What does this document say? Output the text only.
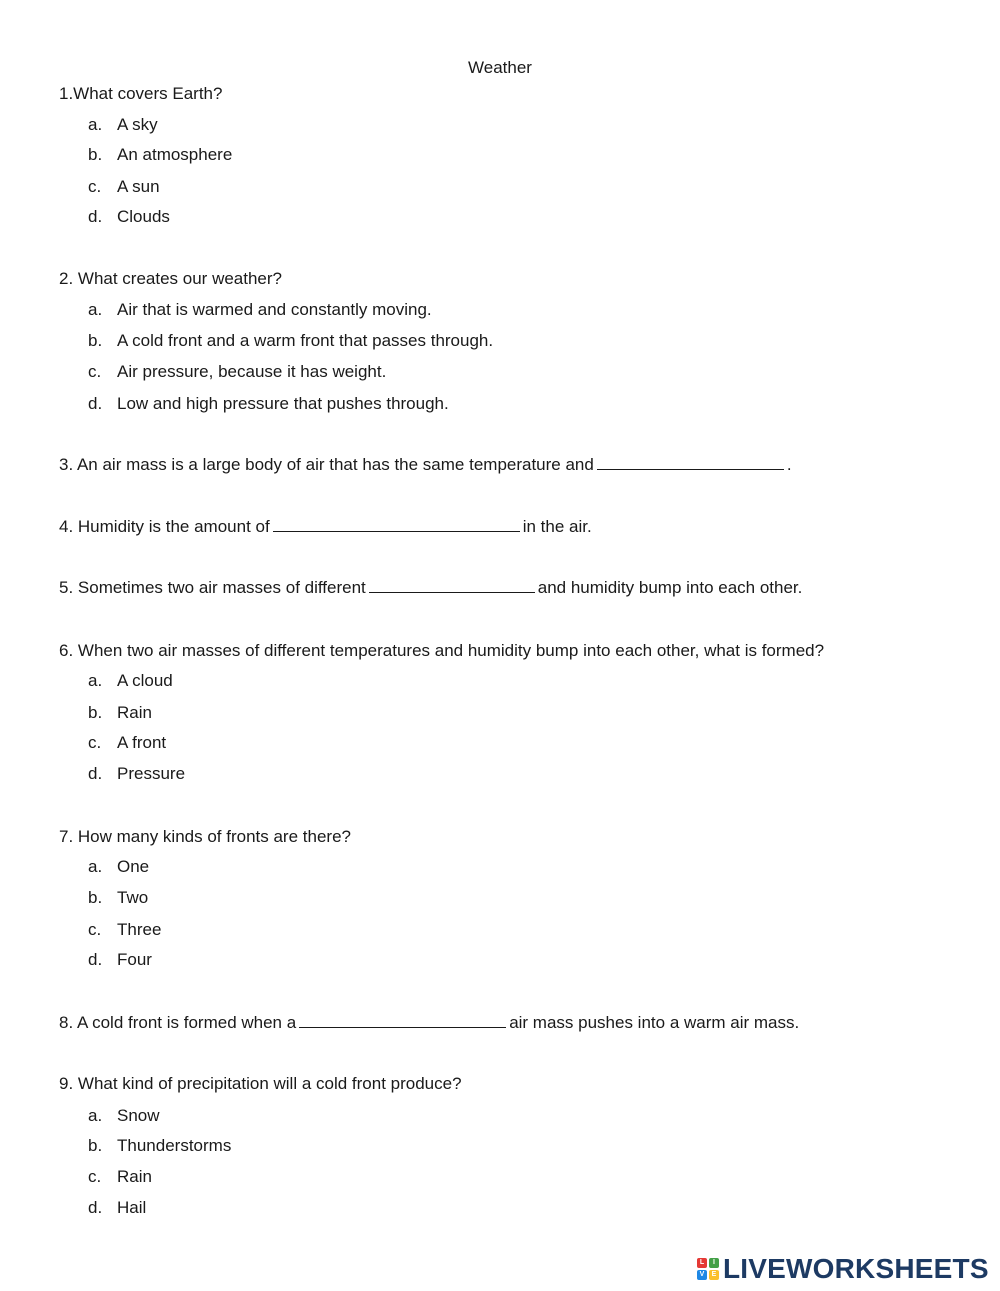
Weather
1.What covers Earth?
a. A sky
b. An atmosphere
c. A sun
d. Clouds
2. What creates our weather?
a. Air that is warmed and constantly moving.
b. A cold front and a warm front that passes through.
c. Air pressure, because it has weight.
d. Low and high pressure that pushes through.
3. An air mass is a large body of air that has the same temperature and	.
4. Humidity is the amount of	in the air.
5. Sometimes two air masses of different	and humidity bump into each other.
6. When two air masses of different temperatures and humidity bump into each other, what is formed?
a. A cloud
b. Rain
c. A front
d. Pressure
7. How many kinds of fronts are there?
a. One
b. Two
c. Three
d. Four
8. A cold front is formed when a	air mass pushes into a warm air mass.
9. What kind of precipitation will a cold front produce?
a. Snow
b. Thunderstorms
c. Rain
d. Hail
L	I
V	E LIVEWORKSHEETS
